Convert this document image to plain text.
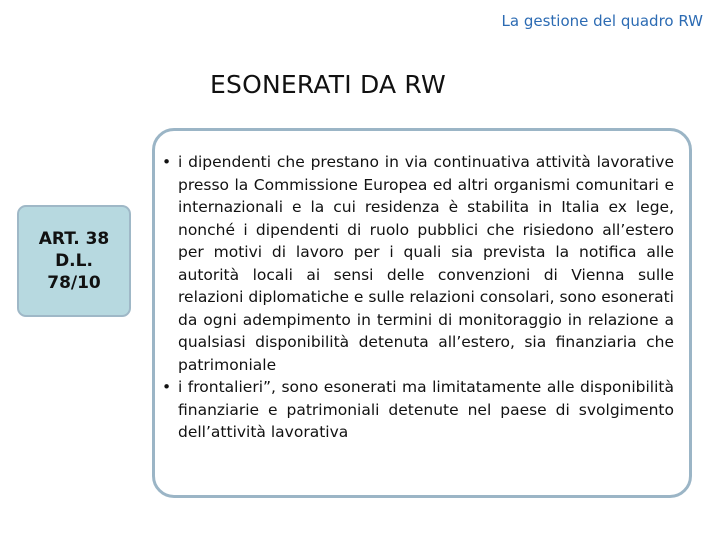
La gestione del quadro RW
ESONERATI DA RW
ART. 38
D.L.
78/10
• i dipendenti che prestano in via continuativa attività lavorative presso la Commissione Europea ed altri organismi comunitari e internazionali e la cui residenza è stabilita in Italia ex lege, nonché i dipendenti di ruolo pubblici che risiedono all’estero per motivi di lavoro per i quali sia prevista la notifica alle autorità locali ai sensi delle convenzioni di Vienna sulle relazioni diplomatiche e sulle relazioni consolari, sono esonerati da ogni adempimento in termini di monitoraggio in relazione a qualsiasi disponibilità detenuta all’estero, sia finanziaria che patrimoniale
• i frontalieri”, sono esonerati ma limitatamente alle disponibilità finanziarie e patrimoniali detenute nel paese di svolgimento dell’attività lavorativa
